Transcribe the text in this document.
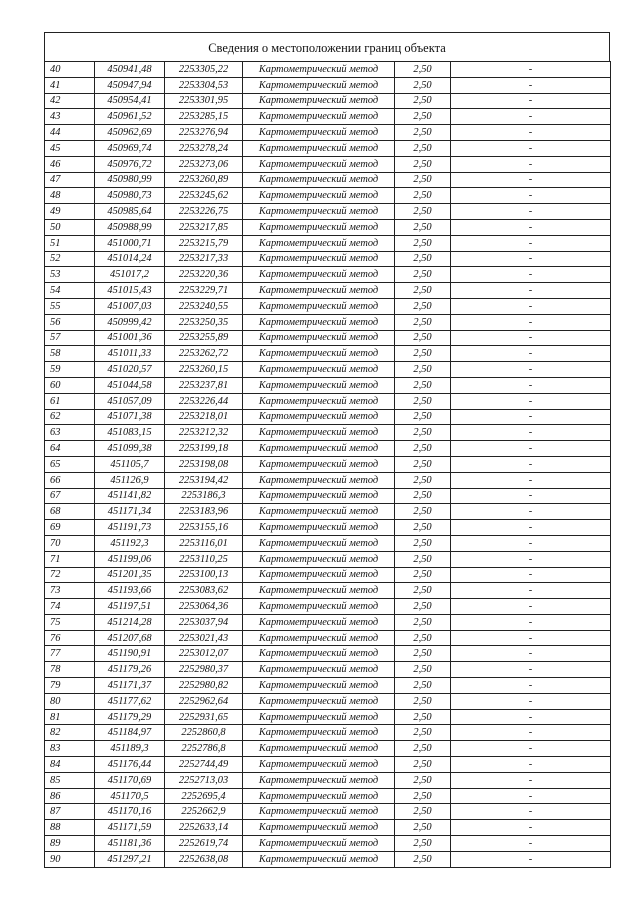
Сведения о местоположении границ объекта
40	450941,48	2253305,22	Картометрический метод	2,50	-
41	450947,94	2253304,53	Картометрический метод	2,50	-
42	450954,41	2253301,95	Картометрический метод	2,50	-
43	450961,52	2253285,15	Картометрический метод	2,50	-
44	450962,69	2253276,94	Картометрический метод	2,50	-
45	450969,74	2253278,24	Картометрический метод	2,50	-
46	450976,72	2253273,06	Картометрический метод	2,50	-
47	450980,99	2253260,89	Картометрический метод	2,50	-
48	450980,73	2253245,62	Картометрический метод	2,50	-
49	450985,64	2253226,75	Картометрический метод	2,50	-
50	450988,99	2253217,85	Картометрический метод	2,50	-
51	451000,71	2253215,79	Картометрический метод	2,50	-
52	451014,24	2253217,33	Картометрический метод	2,50	-
53	451017,2	2253220,36	Картометрический метод	2,50	-
54	451015,43	2253229,71	Картометрический метод	2,50	-
55	451007,03	2253240,55	Картометрический метод	2,50	-
56	450999,42	2253250,35	Картометрический метод	2,50	-
57	451001,36	2253255,89	Картометрический метод	2,50	-
58	451011,33	2253262,72	Картометрический метод	2,50	-
59	451020,57	2253260,15	Картометрический метод	2,50	-
60	451044,58	2253237,81	Картометрический метод	2,50	-
61	451057,09	2253226,44	Картометрический метод	2,50	-
62	451071,38	2253218,01	Картометрический метод	2,50	-
63	451083,15	2253212,32	Картометрический метод	2,50	-
64	451099,38	2253199,18	Картометрический метод	2,50	-
65	451105,7	2253198,08	Картометрический метод	2,50	-
66	451126,9	2253194,42	Картометрический метод	2,50	-
67	451141,82	2253186,3	Картометрический метод	2,50	-
68	451171,34	2253183,96	Картометрический метод	2,50	-
69	451191,73	2253155,16	Картометрический метод	2,50	-
70	451192,3	2253116,01	Картометрический метод	2,50	-
71	451199,06	2253110,25	Картометрический метод	2,50	-
72	451201,35	2253100,13	Картометрический метод	2,50	-
73	451193,66	2253083,62	Картометрический метод	2,50	-
74	451197,51	2253064,36	Картометрический метод	2,50	-
75	451214,28	2253037,94	Картометрический метод	2,50	-
76	451207,68	2253021,43	Картометрический метод	2,50	-
77	451190,91	2253012,07	Картометрический метод	2,50	-
78	451179,26	2252980,37	Картометрический метод	2,50	-
79	451171,37	2252980,82	Картометрический метод	2,50	-
80	451177,62	2252962,64	Картометрический метод	2,50	-
81	451179,29	2252931,65	Картометрический метод	2,50	-
82	451184,97	2252860,8	Картометрический метод	2,50	-
83	451189,3	2252786,8	Картометрический метод	2,50	-
84	451176,44	2252744,49	Картометрический метод	2,50	-
85	451170,69	2252713,03	Картометрический метод	2,50	-
86	451170,5	2252695,4	Картометрический метод	2,50	-
87	451170,16	2252662,9	Картометрический метод	2,50	-
88	451171,59	2252633,14	Картометрический метод	2,50	-
89	451181,36	2252619,74	Картометрический метод	2,50	-
90	451297,21	2252638,08	Картометрический метод	2,50	-
